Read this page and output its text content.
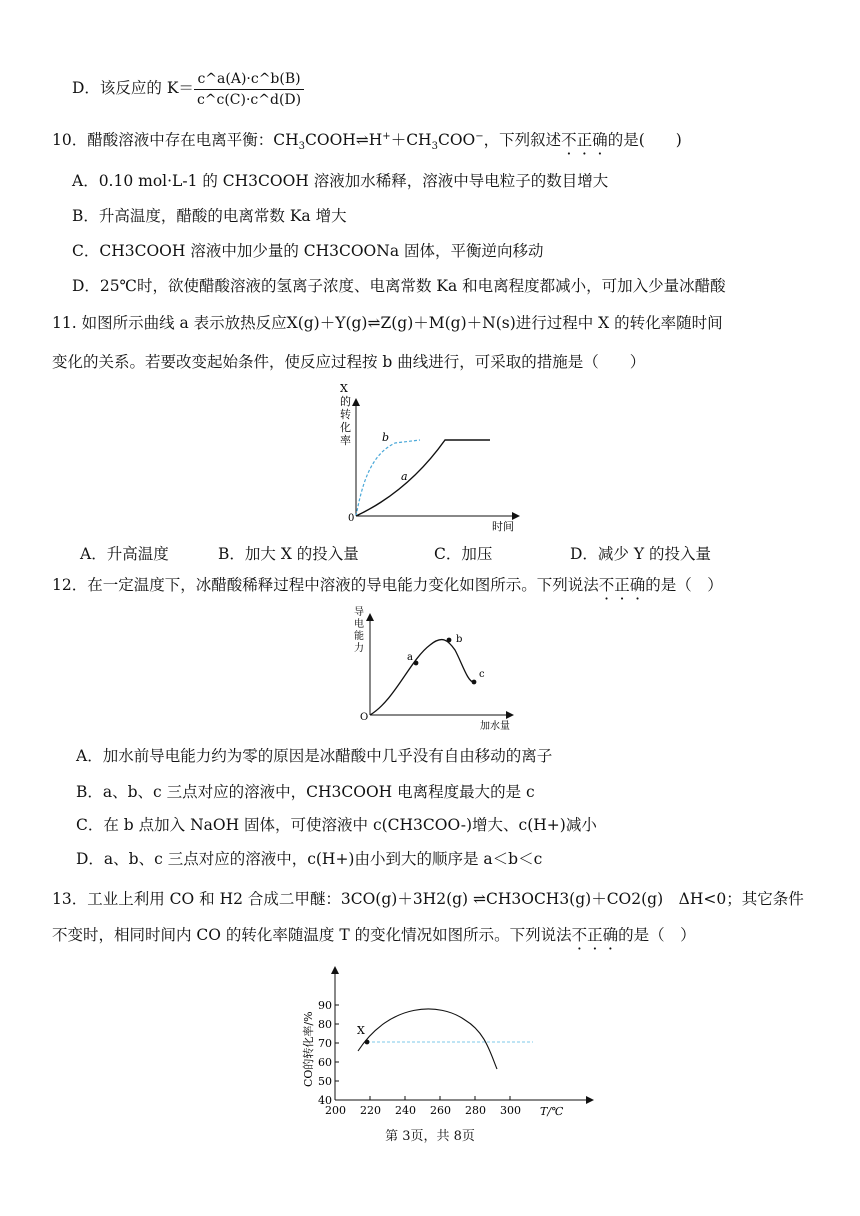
D．该反应的 $K= \frac{c\^{}a(A)\cdot c\^{}b(B)}{c\^{}c(C)\cdot c\^{}d(D)}$
10．醋酸溶液中存在电离平衡：$CH_3COOH\rightleftharpoons H^++CH_3COO^-$，下列叙述不正确的是(　　)
A．0.10 mol·L-1 的 CH3COOH 溶液加水稀释，溶液中导电粒子的数目增大
B．升高温度，醋酸的电离常数 Ka 增大
C．CH3COOH 溶液中加少量的 CH3COONa 固体，平衡逆向移动
D．25℃时，欲使醋酸溶液的氢离子浓度、电离常数 Ka 和电离程度都减小，可加入少量冰醋酸
11. 如图所示曲线 a 表示放热反应X(g)＋Y(g)⇌Z(g)＋M(g)＋N(s)进行过程中 X 的转化率随时间
变化的关系。若要改变起始条件，使反应过程按 b 曲线进行，可采取的措施是（　　）
X
的
转
化
率
时间
0
a
b
A．升高温度	B．加大 X 的投入量	C．加压	D．减少 Y 的投入量
12．在一定温度下，冰醋酸稀释过程中溶液的导电能力变化如图所示。下列说法不正确的是（　）
a
b
c
导
电
能
力
加水量
O
A．加水前导电能力约为零的原因是冰醋酸中几乎没有自由移动的离子
B．a、b、c 三点对应的溶液中，CH3COOH 电离程度最大的是 c
C．在 b 点加入 NaOH 固体，可使溶液中 c(CH3COO-)增大、c(H+)减小
D．a、b、c 三点对应的溶液中，c(H+)由小到大的顺序是 a＜b＜c
13．工业上利用 CO 和 H2 合成二甲醚：3CO(g)＋3H2(g) ⇌CH3OCH3(g)＋CO2(g)　ΔH<0；其它条件
不变时，相同时间内 CO 的转化率随温度 T 的变化情况如图所示。下列说法不正确的是（　）
40
50
60
70
80
90
200 220 240 260 280 300
X
CO的转化率/%
T/℃
第 3页，共 8页
